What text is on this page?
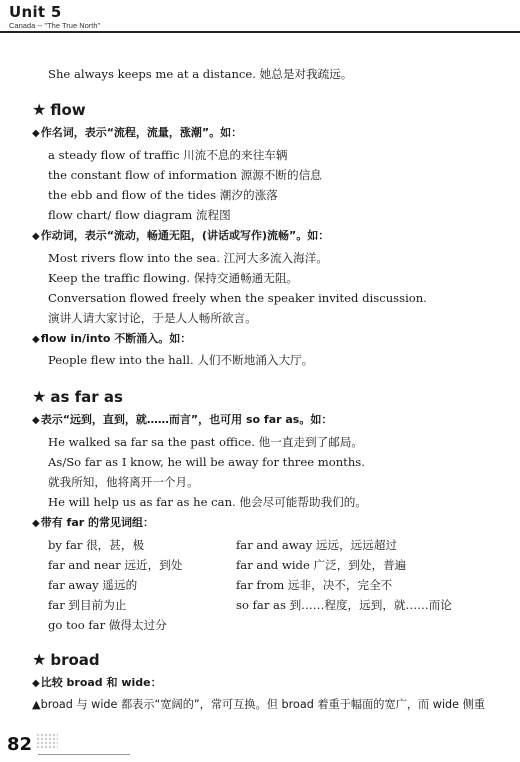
Unit 5
Canada -- "The True North"
She always keeps me at a distance. 她总是对我疏远。
★ flow
◆作名词，表示“流程，流量，涨潮”。如：
a steady flow of traffic 川流不息的来往车辆
the constant flow of information 源源不断的信息
the ebb and flow of the tides 潮汐的涨落
flow chart/ flow diagram 流程图
◆作动词，表示“流动，畅通无阻，(讲话或写作)流畅”。如：
Most rivers flow into the sea. 江河大多流入海洋。
Keep the traffic flowing. 保持交通畅通无阻。
Conversation flowed freely when the speaker invited discussion.
演讲人请大家讨论，于是人人畅所欲言。
◆flow in/into 不断涌入。如：
People flew into the hall. 人们不断地涌入大厅。
★ as far as
◆表示“远到，直到，就……而言”，也可用 so far as。如：
He walked sa far sa the past office. 他一直走到了邮局。
As/So far as I know, he will be away for three months.
就我所知，他将离开一个月。
He will help us as far as he can. 他会尽可能帮助我们的。
◆带有 far 的常见词组：
by far 很，甚，极
far and near 远近，到处
far away 遥远的
far 到目前为止
go too far 做得太过分
far and away 远远，远远超过
far and wide 广泛，到处，普遍
far from 远非，决不，完全不
so far as 到……程度，远到，就……而论
★ broad
◆比较 broad 和 wide：
▲broad 与 wide 都表示“宽阔的”，常可互换。但 broad 着重于幅面的宽广，而 wide 侧重
82
